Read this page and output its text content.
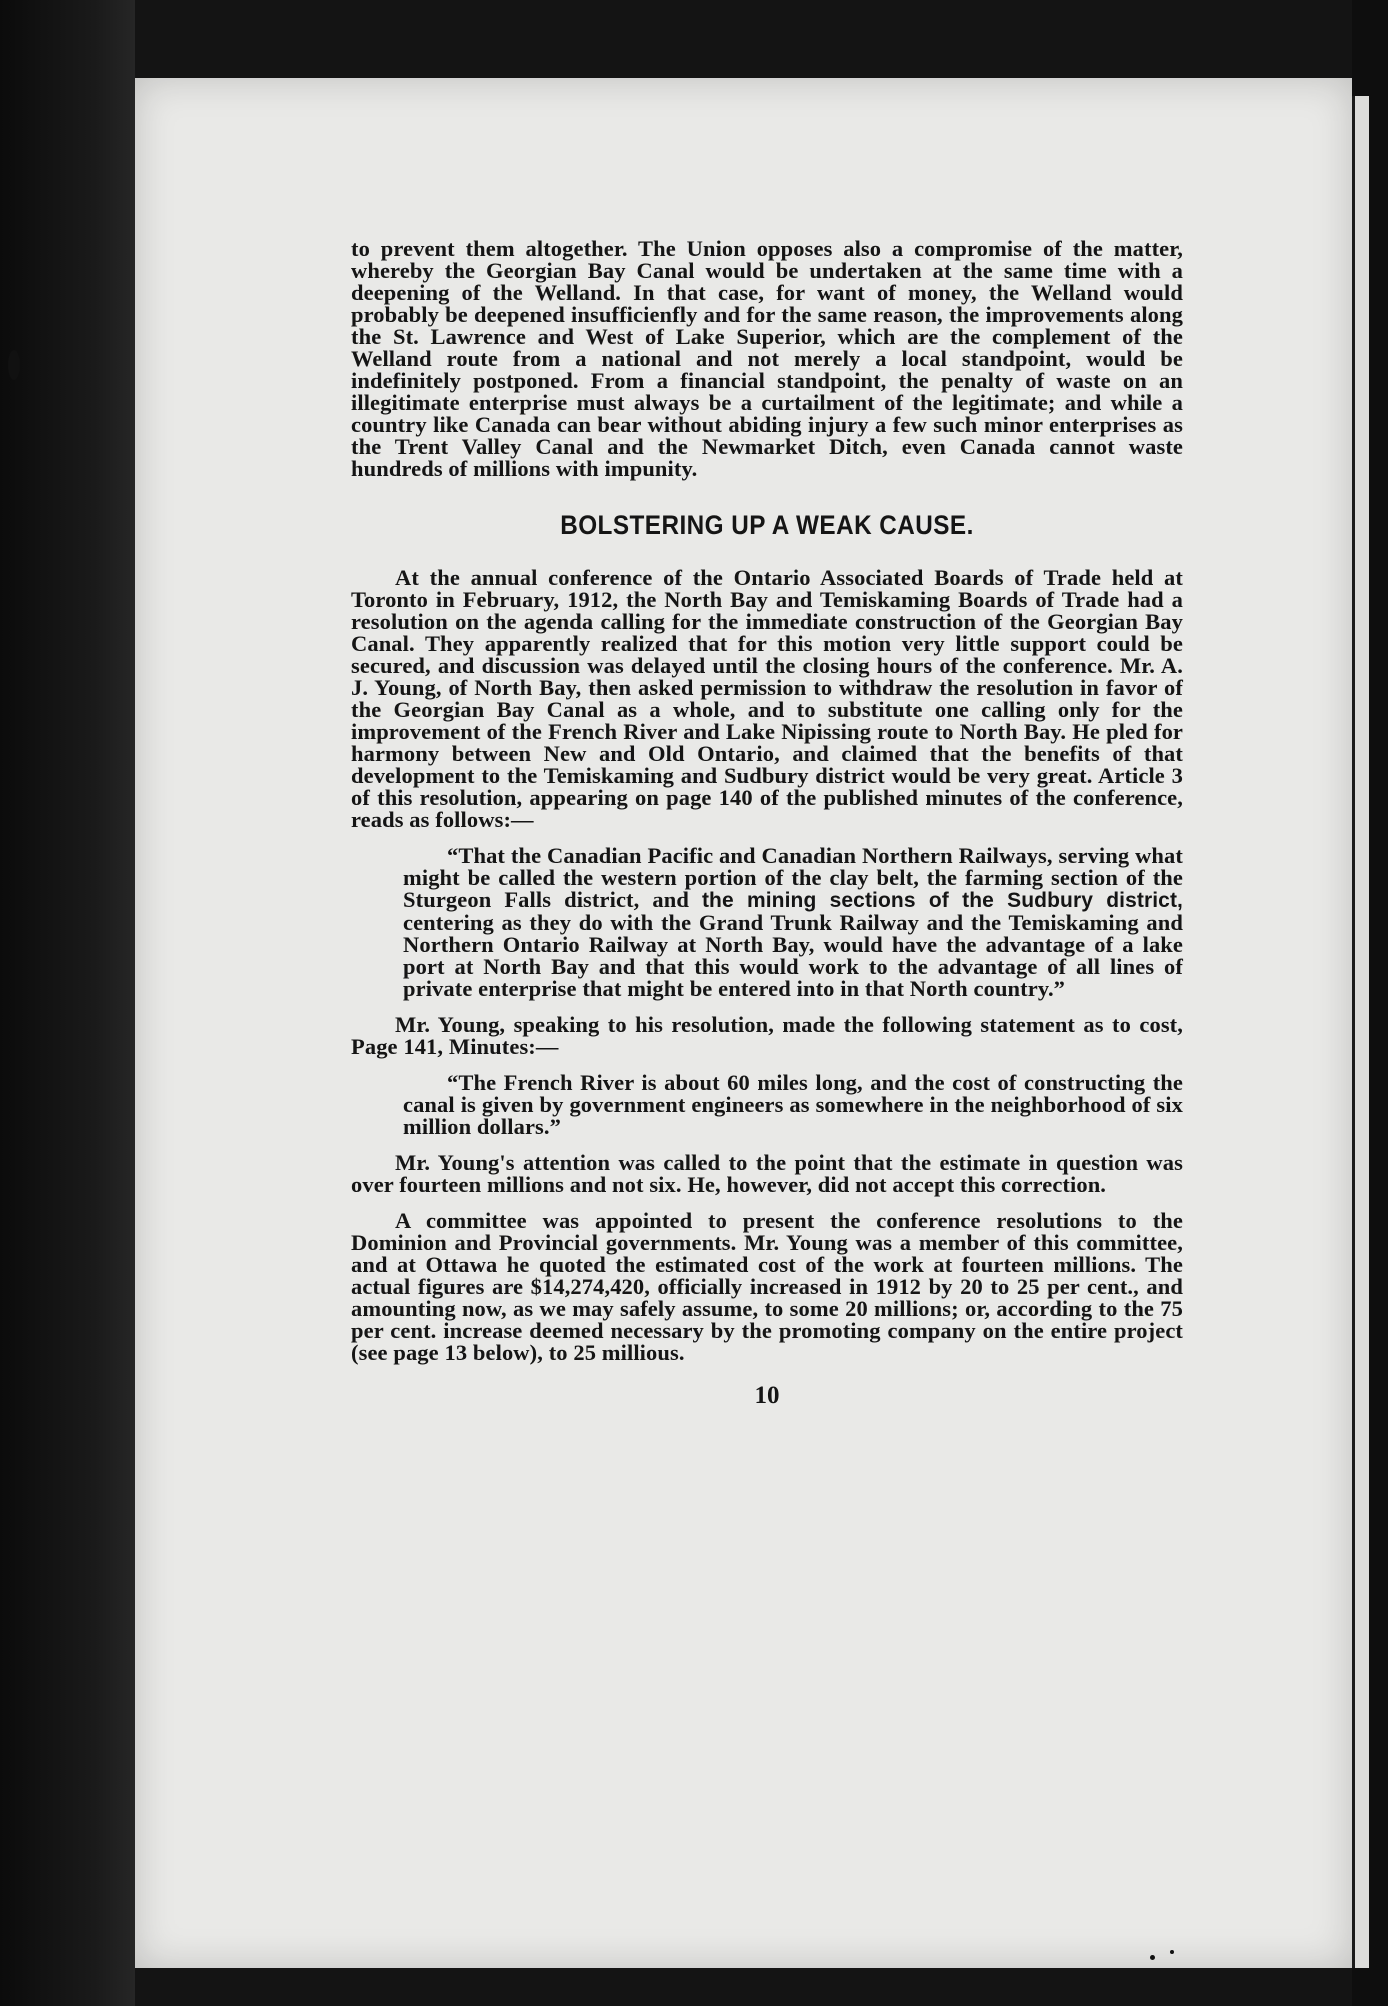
to prevent them altogether. The Union opposes also a compromise of the matter, whereby the Georgian Bay Canal would be undertaken at the same time with a deepening of the Welland. In that case, for want of money, the Welland would probably be deepened insufficienfly and for the same reason, the improvements along the St. Lawrence and West of Lake Superior, which are the complement of the Welland route from a national and not merely a local standpoint, would be indefinitely postponed. From a financial standpoint, the penalty of waste on an illegitimate enterprise must always be a curtailment of the legitimate; and while a country like Canada can bear without abiding injury a few such minor enterprises as the Trent Valley Canal and the Newmarket Ditch, even Canada cannot waste hundreds of millions with impunity.

BOLSTERING UP A WEAK CAUSE.

At the annual conference of the Ontario Associated Boards of Trade held at Toronto in February, 1912, the North Bay and Temiskaming Boards of Trade had a resolution on the agenda calling for the immediate construction of the Georgian Bay Canal. They apparently realized that for this motion very little support could be secured, and discussion was delayed until the closing hours of the conference. Mr. A. J. Young, of North Bay, then asked permission to withdraw the resolution in favor of the Georgian Bay Canal as a whole, and to substitute one calling only for the improvement of the French River and Lake Nipissing route to North Bay. He pled for harmony between New and Old Ontario, and claimed that the benefits of that development to the Temiskaming and Sudbury district would be very great. Article 3 of this resolution, appearing on page 140 of the published minutes of the conference, reads as follows:—

“That the Canadian Pacific and Canadian Northern Railways, serving what might be called the western portion of the clay belt, the farming section of the Sturgeon Falls district, and the mining sections of the Sudbury district, centering as they do with the Grand Trunk Railway and the Temiskaming and Northern Ontario Railway at North Bay, would have the advantage of a lake port at North Bay and that this would work to the advantage of all lines of private enterprise that might be entered into in that North country.”

Mr. Young, speaking to his resolution, made the following statement as to cost, Page 141, Minutes:—

“The French River is about 60 miles long, and the cost of constructing the canal is given by government engineers as somewhere in the neighborhood of six million dollars.”

Mr. Young's attention was called to the point that the estimate in question was over fourteen millions and not six. He, however, did not accept this correction.

A committee was appointed to present the conference resolutions to the Dominion and Provincial governments. Mr. Young was a member of this committee, and at Ottawa he quoted the estimated cost of the work at fourteen millions. The actual figures are $14,274,420, officially increased in 1912 by 20 to 25 per cent., and amounting now, as we may safely assume, to some 20 millions; or, according to the 75 per cent. increase deemed necessary by the promoting company on the entire project (see page 13 below), to 25 millious.

10
